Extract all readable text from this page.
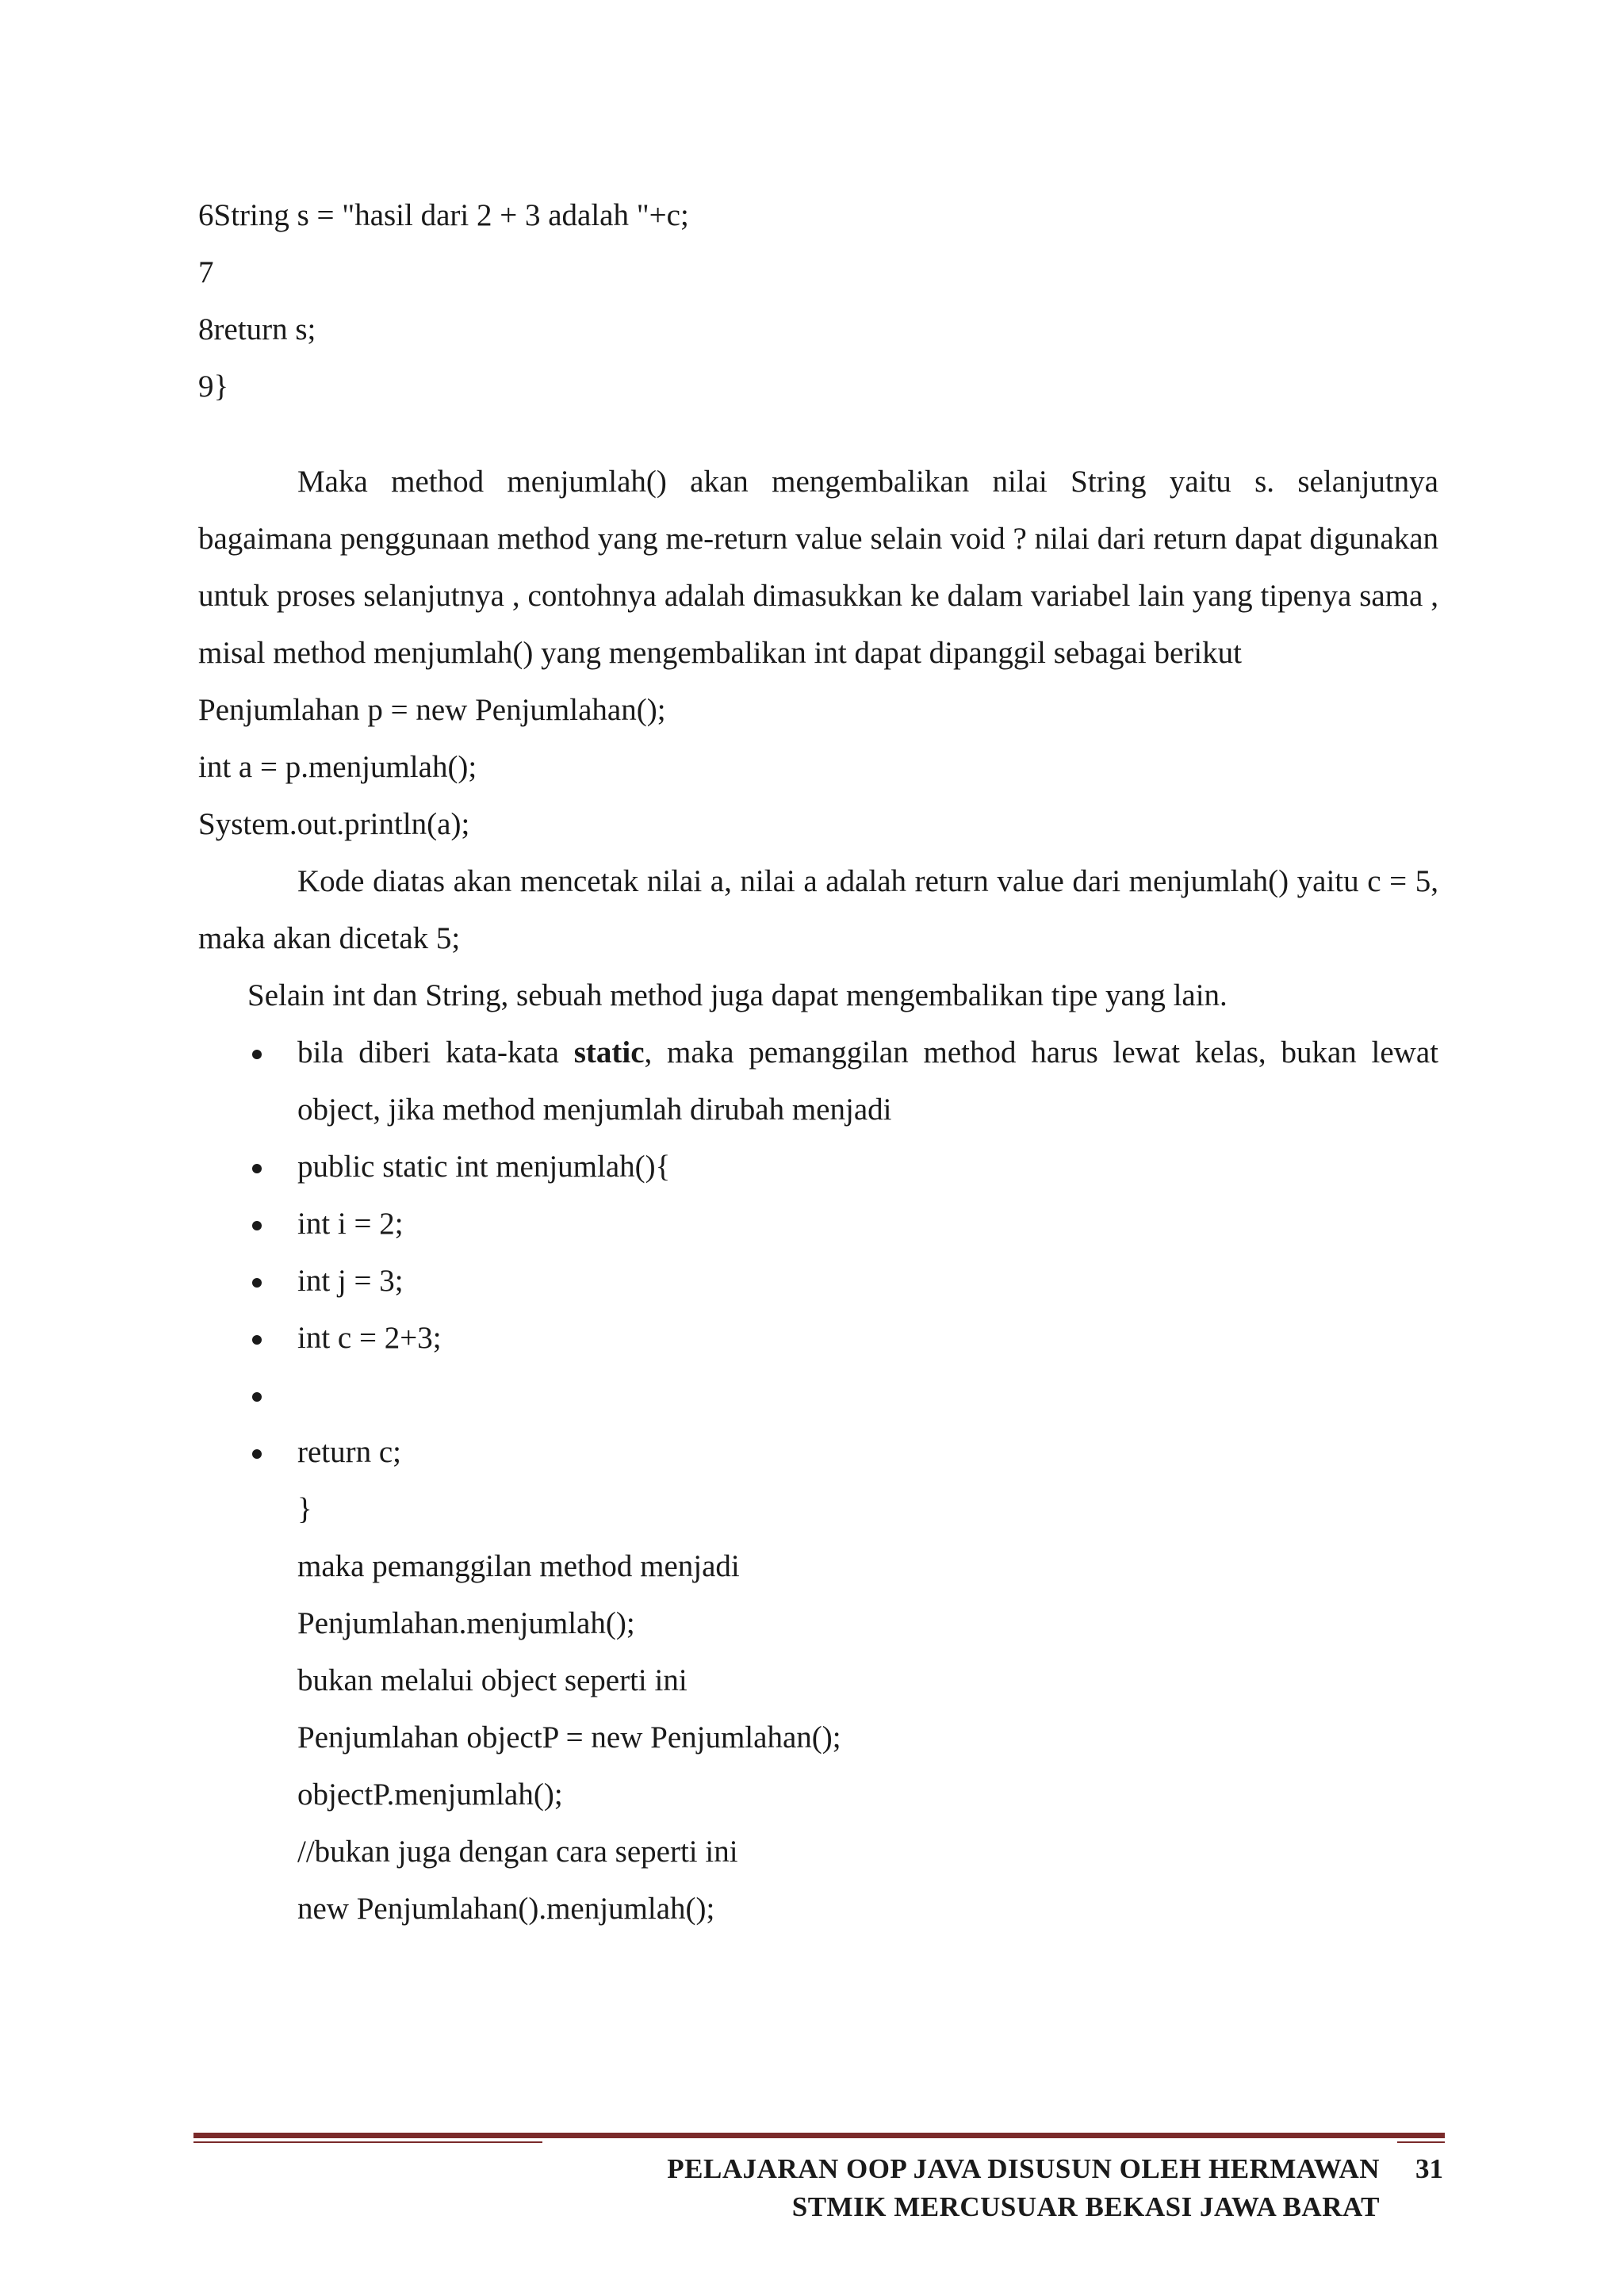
6String s = "hasil dari 2 + 3 adalah "+c;
7
8return s;
9}

Maka method menjumlah() akan mengembalikan nilai String yaitu s. selanjutnya bagaimana penggunaan method yang me-return value selain void ? nilai dari return dapat digunakan untuk proses selanjutnya , contohnya adalah dimasukkan ke dalam variabel lain yang tipenya sama , misal method menjumlah() yang mengembalikan int dapat dipanggil sebagai berikut

Penjumlahan p = new Penjumlahan();
int a = p.menjumlah();
System.out.println(a);

Kode diatas akan mencetak nilai a, nilai a adalah return value dari menjumlah() yaitu c = 5, maka akan dicetak 5;

Selain int dan String, sebuah method juga dapat mengembalikan tipe yang lain.

bila diberi kata-kata static, maka pemanggilan method harus lewat kelas, bukan lewat object, jika method menjumlah dirubah menjadi
public static int menjumlah(){
int i = 2;
int j = 3;
int c = 2+3;
return c;
}
maka pemanggilan method menjadi
Penjumlahan.menjumlah();
bukan melalui object seperti ini
Penjumlahan objectP = new Penjumlahan();
objectP.menjumlah();
//bukan juga dengan cara seperti ini
new Penjumlahan().menjumlah();
PELAJARAN OOP JAVA DISUSUN OLEH HERMAWAN
STMIK MERCUSUAR BEKASI JAWA BARAT
31
